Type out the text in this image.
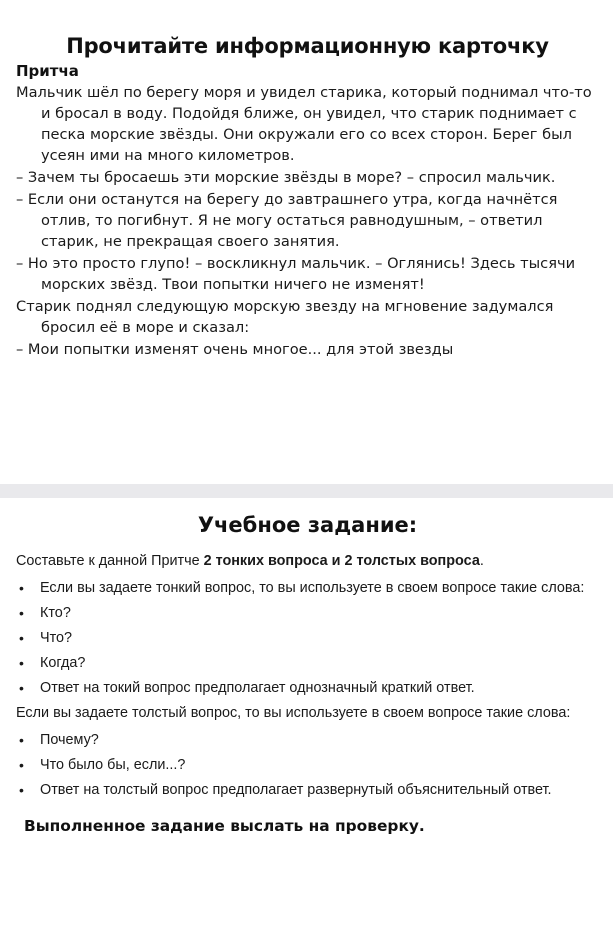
Прочитайте информационную карточку
Притча

Мальчик шёл по берегу моря и увидел старика, который поднимал что-то и бросал в воду. Подойдя ближе, он увидел, что старик поднимает с песка морские звёзды. Они окружали его со всех сторон. Берег был усеян ими на много километров.

– Зачем ты бросаешь эти морские звёзды в море? – спросил мальчик.

– Если они останутся на берегу до завтрашнего утра, когда начнётся отлив, то погибнут. Я не могу остаться равнодушным, – ответил старик, не прекращая своего занятия.

– Но это просто глупо! – воскликнул мальчик. – Оглянись! Здесь тысячи морских звёзд. Твои попытки ничего не изменят!

Старик поднял следующую морскую звезду на мгновение задумался бросил её в море и сказал:

– Мои попытки изменят очень многое... для этой звезды

Учебное задание:

Составьте к данной Притче 2 тонких вопроса и 2 толстых вопроса.

• Если вы задаете тонкий вопрос, то вы используете в своем вопросе такие слова:
• Кто?
• Что?
• Когда?
• Ответ на токий вопрос предполагает однозначный краткий ответ.

Если вы задаете толстый вопрос, то вы используете в своем вопросе такие слова:

• Почему?
• Что было бы, если...?
• Ответ на толстый вопрос предполагает развернутый объяснительный ответ.
Выполненное задание выслать на проверку.
